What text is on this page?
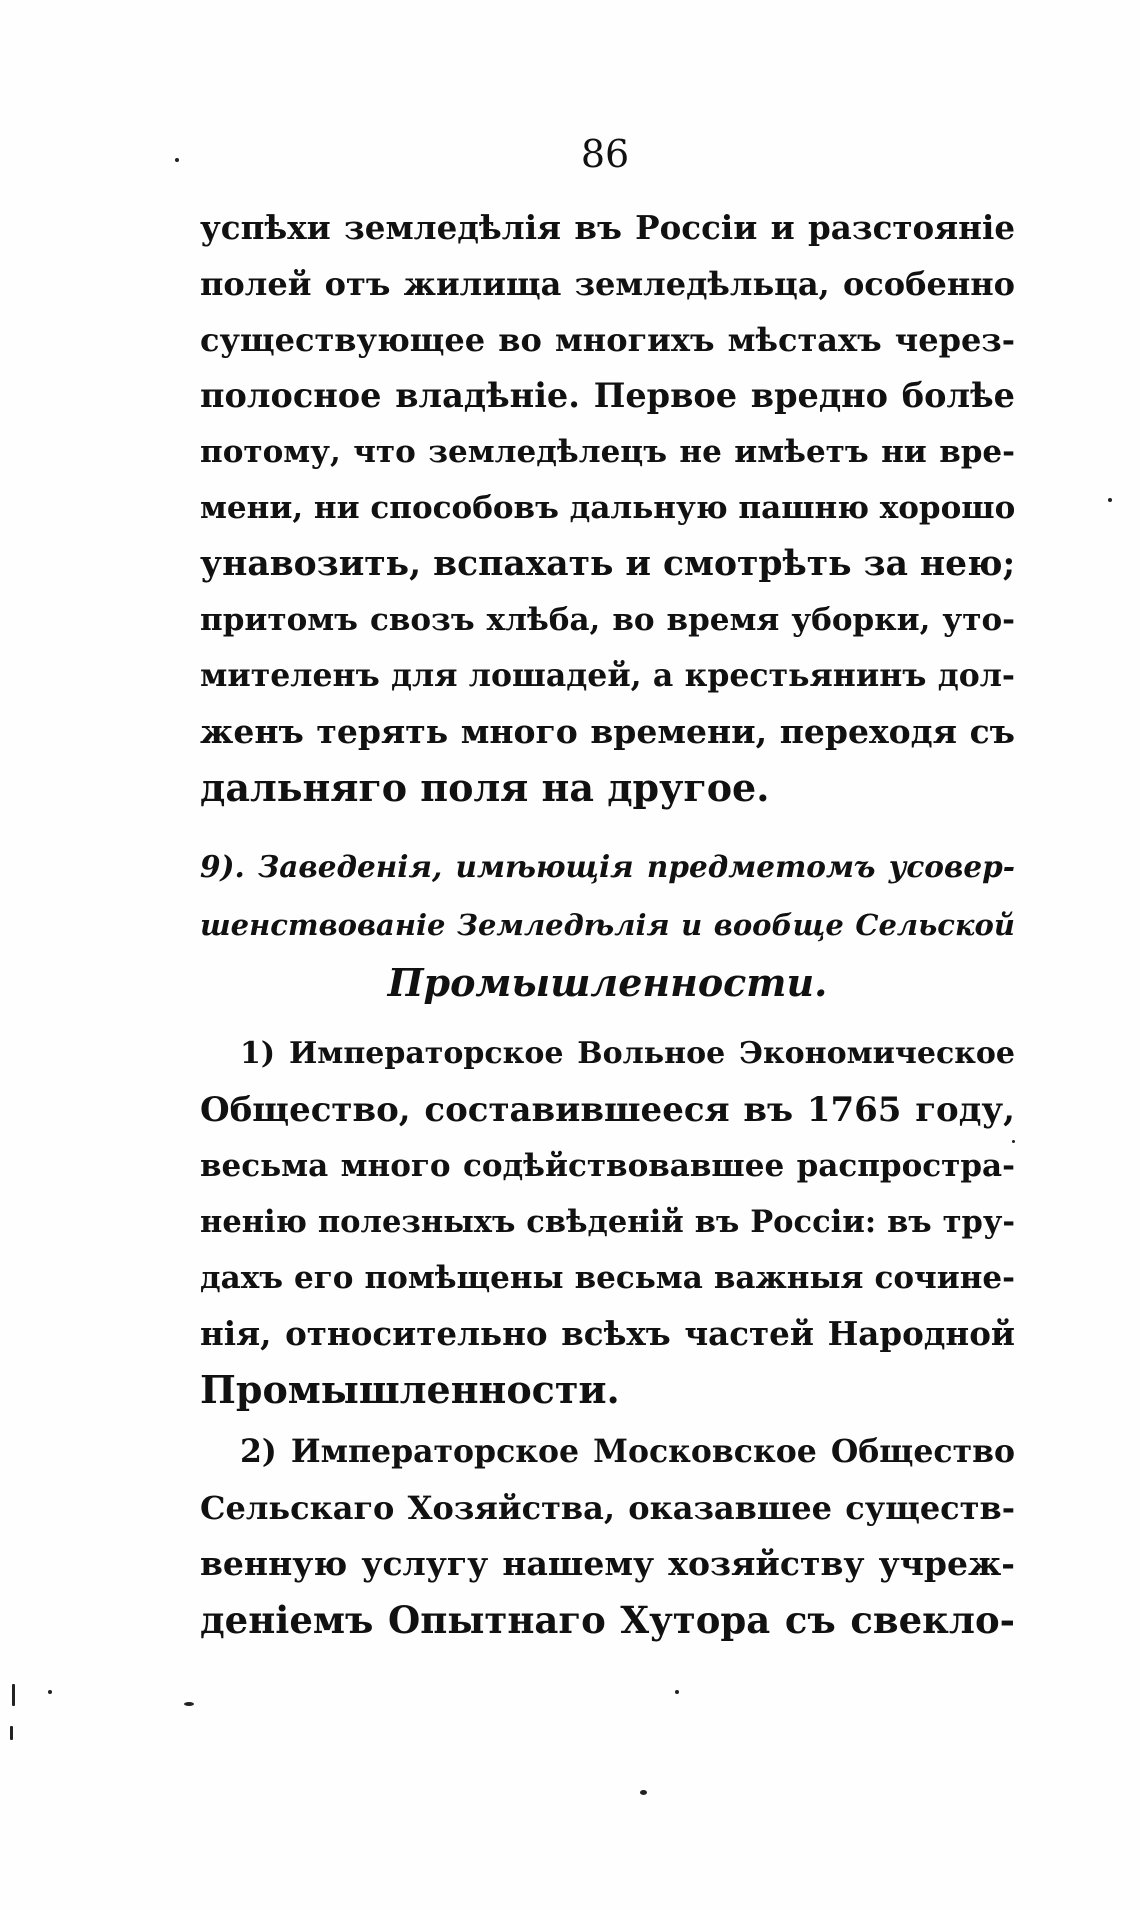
86
успѣхи земледѣлія въ Россіи и разстояніе
полей отъ жилища земледѣльца, особенно
существующее во многихъ мѣстахъ через-
полосное владѣніе. Первое вредно болѣе
потому, что земледѣлецъ не имѣетъ ни вре-
мени, ни способовъ дальную пашню хорошо
унавозить, вспахать и смотрѣть за нею;
притомъ свозъ хлѣба, во время уборки, уто-
мителенъ для лошадей, а крестьянинъ дол-
женъ терять много времени, переходя съ
дальняго поля на другое.
9). Заведенія, имѣющія предметомъ усовер-
шенствованіе Земледѣлія и вообще Сельской
Промышленности.
1) Императорское Вольное Экономическое
Общество, составившееся въ 1765 году,
весьма много содѣйствовавшее распростра-
ненію полезныхъ свѣденій въ Россіи: въ тру-
дахъ его помѣщены весьма важныя сочине-
нія, относительно всѣхъ частей Народной
Промышленности.
2) Императорское Московское Общество
Сельскаго Хозяйства, оказавшее существ-
венную услугу нашему хозяйству учреж-
деніемъ Опытнаго Хутора съ свекло-
